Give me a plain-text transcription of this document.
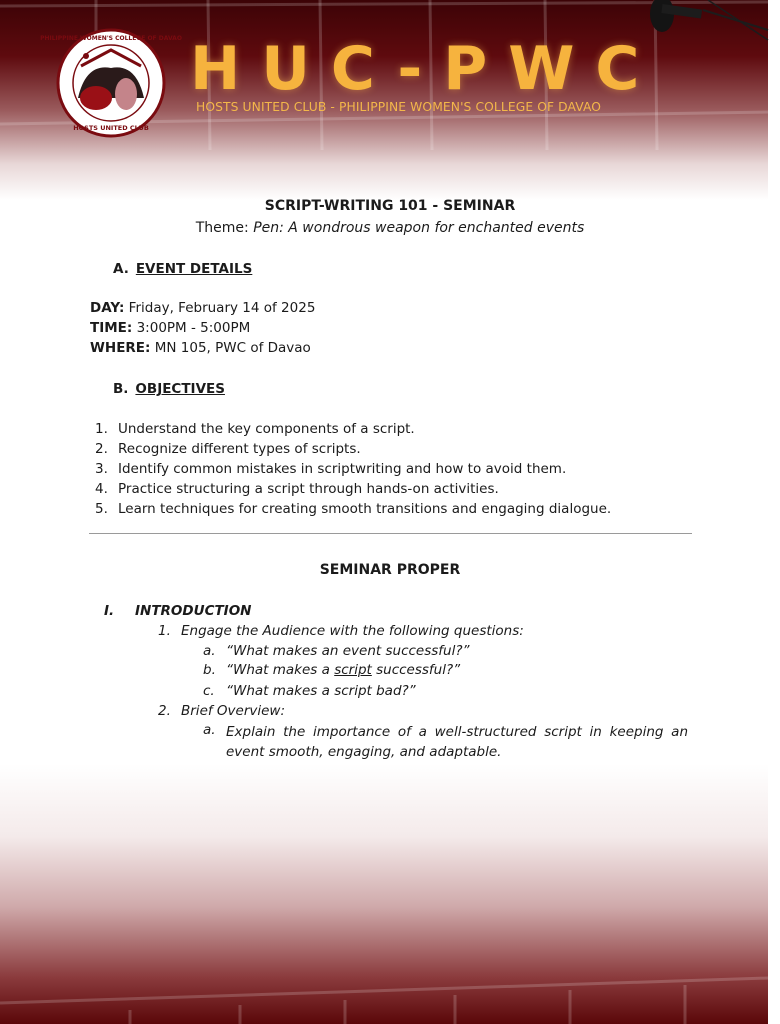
PHILIPPINE WOMEN'S COLLEGE OF DAVAO
HOSTS UNITED CLUB
HUC-PWC
HOSTS UNITED CLUB - PHILIPPINE WOMEN'S COLLEGE OF DAVAO
SCRIPT-WRITING 101 - SEMINAR
Theme: Pen: A wondrous weapon for enchanted events
A. EVENT DETAILS
DAY: Friday, February 14 of 2025
TIME: 3:00PM - 5:00PM
WHERE: MN 105, PWC of Davao
B. OBJECTIVES
1. Understand the key components of a script.
2. Recognize different types of scripts.
3. Identify common mistakes in scriptwriting and how to avoid them.
4. Practice structuring a script through hands-on activities.
5. Learn techniques for creating smooth transitions and engaging dialogue.
SEMINAR PROPER
I. INTRODUCTION
1. Engage the Audience with the following questions:
a. “What makes an event successful?”
b. “What makes a script successful?”
c. “What makes a script bad?”
2. Brief Overview:
a. Explain the importance of a well-structured script in keeping an event smooth, engaging, and adaptable.
